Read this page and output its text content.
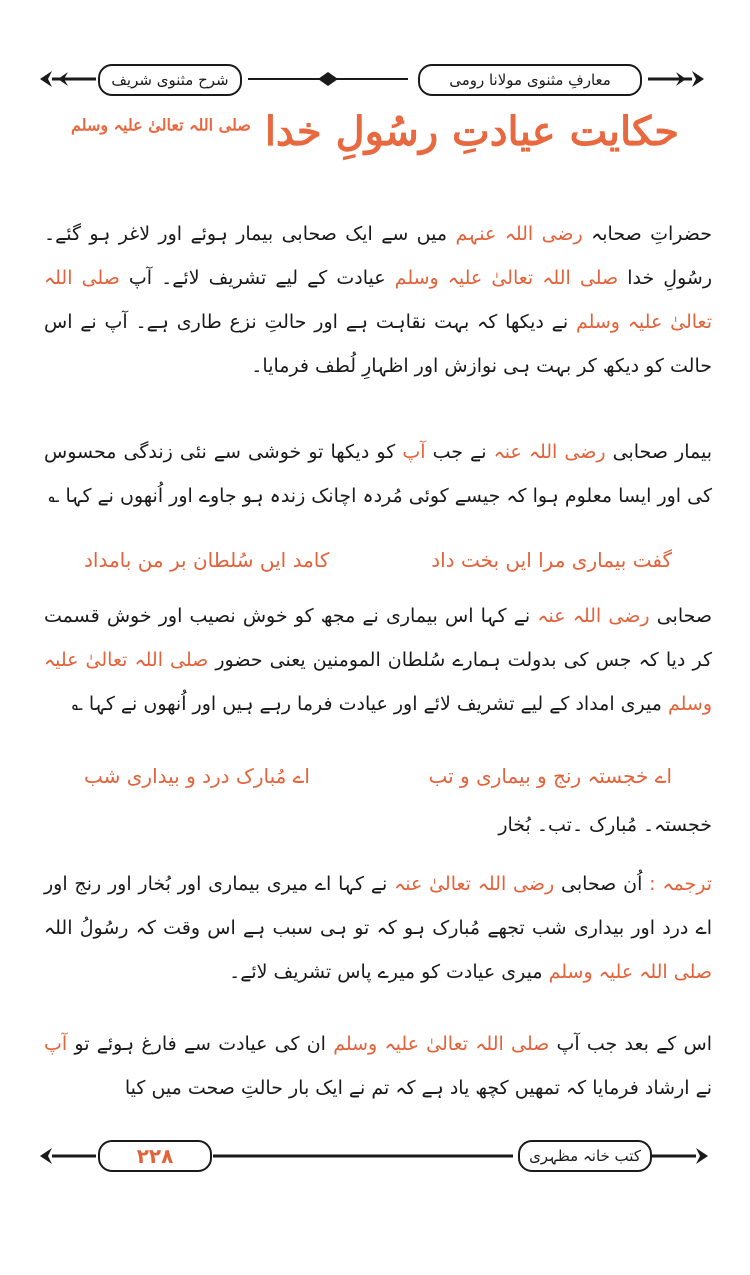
شرح مثنوی شریف	معارفِ مثنوی مولانا رومی
حکایت عیادتِ رسُولِ خدا $^{صلی اللہ تعالیٰ علیہ وسلم}$
حضراتِ صحابہ رضی اللہ عنہم میں سے ایک صحابی بیمار ہوئے اور لاغر ہو گئے۔ رسُولِ خدا صلی اللہ تعالیٰ علیہ وسلم عیادت کے لیے تشریف لائے۔ آپ صلی اللہ تعالیٰ علیہ وسلم نے دیکھا کہ بہت نقاہت ہے اور حالتِ نزع طاری ہے۔ آپ نے اس حالت کو دیکھ کر بہت ہی نوازش اور اظہارِ لُطف فرمایا۔
بیمار صحابی رضی اللہ عنہ نے جب آپ کو دیکھا تو خوشی سے نئی زندگی محسوس کی اور ایسا معلوم ہوا کہ جیسے کوئی مُردہ اچانک زندہ ہو جاوے اور اُنھوں نے کہا ؎
گفت بیماری مرا ایں بخت داد
کامد ایں سُلطان بر من بامداد
صحابی رضی اللہ عنہ نے کہا اس بیماری نے مجھ کو خوش نصیب اور خوش قسمت کر دیا کہ جس کی بدولت ہمارے سُلطان المومنین یعنی حضور صلی اللہ تعالیٰ علیہ وسلم میری امداد کے لیے تشریف لائے اور عیادت فرما رہے ہیں اور اُنھوں نے کہا ؎
اے خجستہ رنج و بیماری و تب
اے مُبارک درد و بیداری شب
خجستہ۔ مُبارک ۔تب۔ بُخار
ترجمہ : اُن صحابی رضی اللہ تعالیٰ عنہ نے کہا اے میری بیماری اور بُخار اور رنج اور اے درد اور بیداری شب تجھے مُبارک ہو کہ تو ہی سبب ہے اس وقت کہ رسُولُ اللہ صلی اللہ علیہ وسلم میری عیادت کو میرے پاس تشریف لائے۔
اس کے بعد جب آپ صلی اللہ تعالیٰ علیہ وسلم ان کی عیادت سے فارغ ہوئے تو آپ نے ارشاد فرمایا کہ تمھیں کچھ یاد ہے کہ تم نے ایک بار حالتِ صحت میں کیا
۲۲۸	کتب خانہ مظہری
